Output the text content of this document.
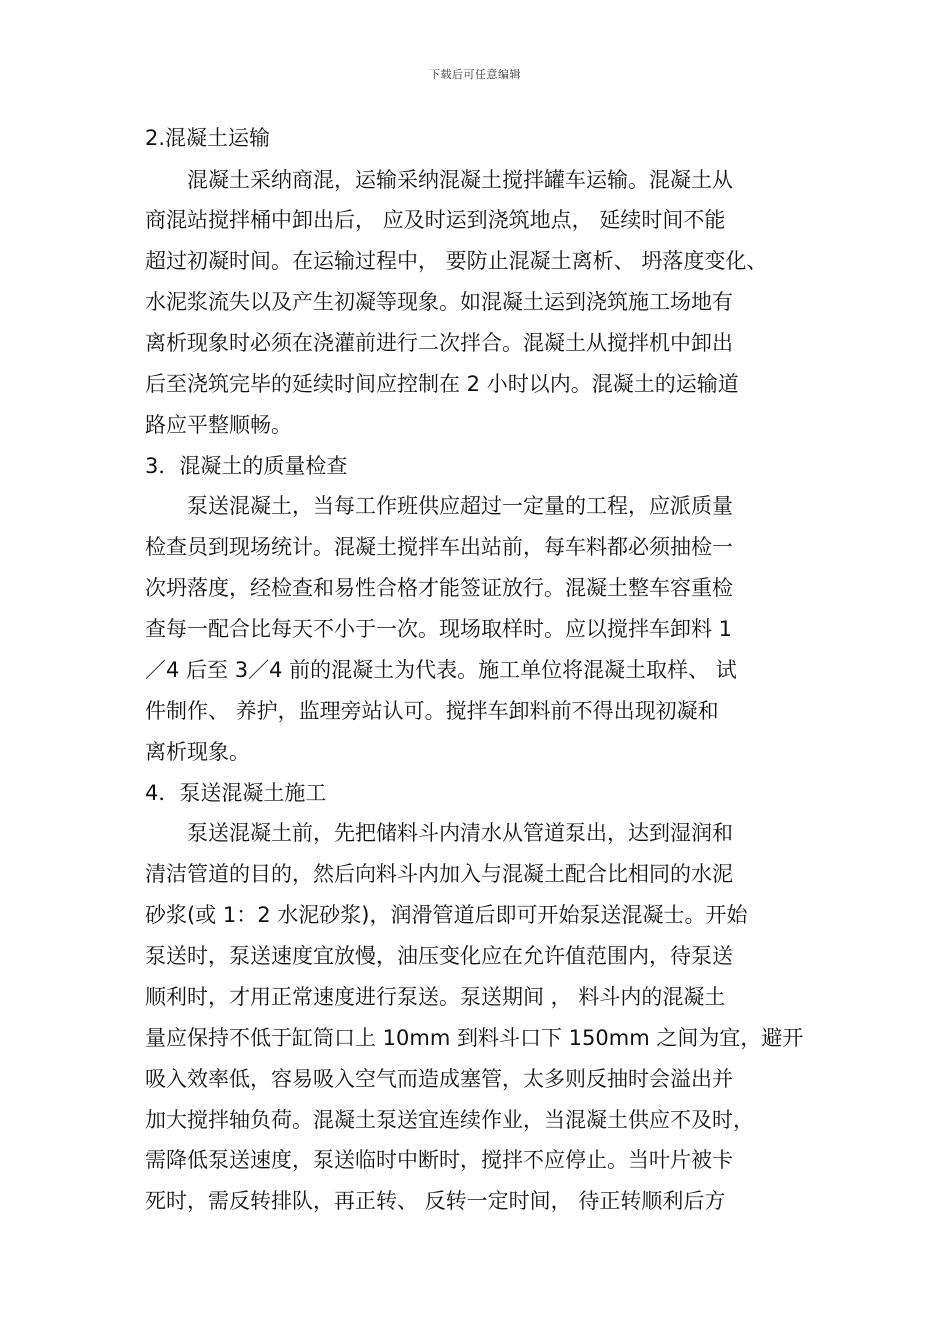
下载后可任意编辑
2.混凝土运输
　　混凝土采纳商混，运输采纳混凝土搅拌罐车运输。混凝土从
商混站搅拌桶中卸出后， 应及时运到浇筑地点， 延续时间不能
超过初凝时间。在运输过程中， 要防止混凝土离析、 坍落度变化、
水泥浆流失以及产生初凝等现象。如混凝土运到浇筑施工场地有
离析现象时必须在浇灌前进行二次拌合。混凝土从搅拌机中卸出
后至浇筑完毕的延续时间应控制在 2 小时以内。混凝土的运输道
路应平整顺畅。
3．混凝土的质量检查
　　泵送混凝土，当每工作班供应超过一定量的工程，应派质量
检查员到现场统计。混凝土搅拌车出站前，每车料都必须抽检一
次坍落度，经检查和易性合格才能签证放行。混凝土整车容重检
查每一配合比每天不小于一次。现场取样时。应以搅拌车卸料 1
／4 后至 3／4 前的混凝土为代表。施工单位将混凝土取样、 试
件制作、 养护，监理旁站认可。搅拌车卸料前不得出现初凝和
离析现象。
4．泵送混凝土施工
　　泵送混凝土前，先把储料斗内清水从管道泵出，达到湿润和
清洁管道的目的，然后向料斗内加入与混凝土配合比相同的水泥
砂浆(或 1：2 水泥砂浆)，润滑管道后即可开始泵送混凝士。开始
泵送时，泵送速度宜放慢，油压变化应在允许值范围内，待泵送
顺利时，才用正常速度进行泵送。泵送期间 ， 料斗内的混凝土
量应保持不低于缸筒口上 10mm 到料斗口下 150mm 之间为宜，避开
吸入效率低，容易吸入空气而造成塞管，太多则反抽时会溢出并
加大搅拌轴负荷。混凝土泵送宜连续作业，当混凝土供应不及时，
需降低泵送速度，泵送临时中断时，搅拌不应停止。当叶片被卡
死时，需反转排队，再正转、 反转一定时间， 待正转顺利后方
